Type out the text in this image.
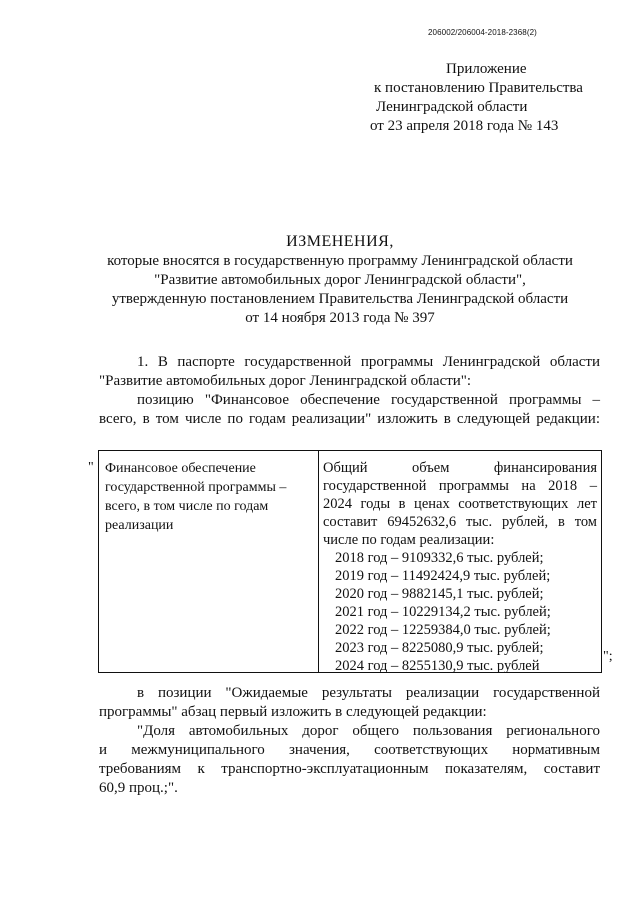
206002/206004-2018-2368(2)
Приложение
к постановлению Правительства
Ленинградской области
от 23 апреля 2018 года № 143
ИЗМЕНЕНИЯ,
которые вносятся в государственную программу Ленинградской области
"Развитие автомобильных дорог Ленинградской области",
утвержденную постановлением Правительства Ленинградской области
от 14 ноября 2013 года № 397
1. В паспорте государственной программы Ленинградской области
"Развитие автомобильных дорог Ленинградской области":
позицию "Финансовое обеспечение государственной программы –
всего, в том числе по годам реализации" изложить в следующей редакции:
" Финансовое обеспечение
государственной программы –
всего, в том числе по годам
реализации
Общий объем финансирования
государственной программы на 2018 –
2024 годы в ценах соответствующих лет
составит 69452632,6 тыс. рублей, в том
числе по годам реализации:
2018 год – 9109332,6 тыс. рублей;
2019 год – 11492424,9 тыс. рублей;
2020 год – 9882145,1 тыс. рублей;
2021 год – 10229134,2 тыс. рублей;
2022 год – 12259384,0 тыс. рублей;
2023 год – 8225080,9 тыс. рублей;
2024 год – 8255130,9 тыс. рублей
";
в позиции "Ожидаемые результаты реализации государственной
программы" абзац первый изложить в следующей редакции:
"Доля автомобильных дорог общего пользования регионального
и межмуниципального значения, соответствующих нормативным
требованиям к транспортно-эксплуатационным показателям, составит
60,9 проц.;".
